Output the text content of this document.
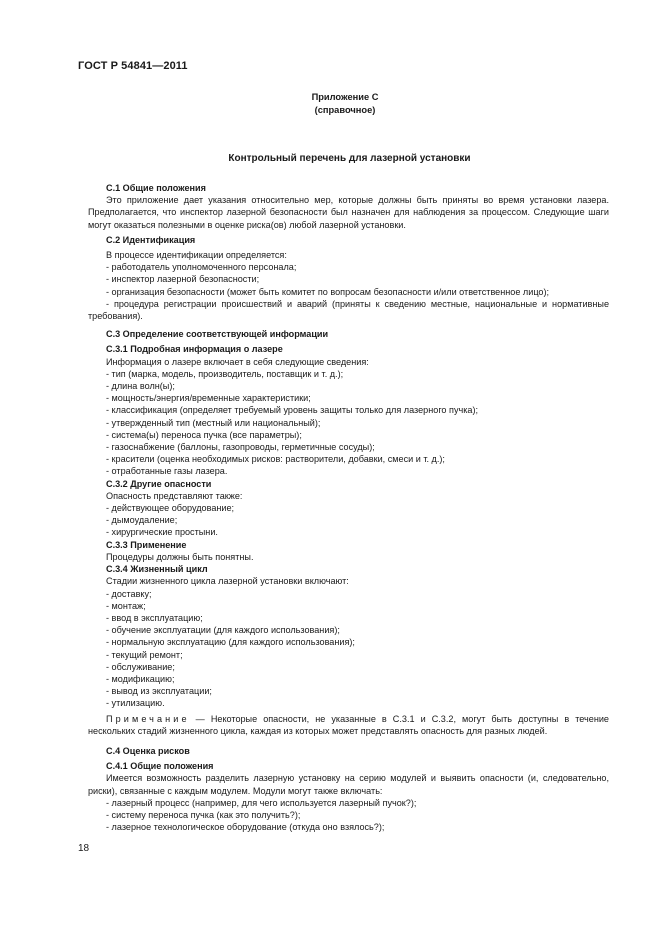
ГОСТ Р 54841—2011
Приложение С
(справочное)
Контрольный перечень для лазерной установки

С.1 Общие положения

Это приложение дает указания относительно мер, которые должны быть приняты во время установки лазера. Предполагается, что инспектор лазерной безопасности был назначен для наблюдения за процессом. Следующие шаги могут оказаться полезными в оценке риска(ов) любой лазерной установки.

С.2 Идентификация

В процессе идентификации определяется:

- работодатель уполномоченного персонала;

- инспектор лазерной безопасности;

- организация безопасности (может быть комитет по вопросам безопасности и/или ответственное лицо);

- процедура регистрации происшествий и аварий (приняты к сведению местные, национальные и нормативные требования).

С.3 Определение соответствующей информации

С.3.1 Подробная информация о лазере

Информация о лазере включает в себя следующие сведения:

- тип (марка, модель, производитель, поставщик и т. д.);

- длина волн(ы);

- мощность/энергия/временные характеристики;

- классификация (определяет требуемый уровень защиты только для лазерного пучка);

- утвержденный тип (местный или национальный);

- система(ы) переноса пучка (все параметры);

- газоснабжение (баллоны, газопроводы, герметичные сосуды);

- красители (оценка необходимых рисков: растворители, добавки, смеси и т. д.);

- отработанные газы лазера.

С.3.2 Другие опасности

Опасность представляют также:

- действующее оборудование;

- дымоудаление;

- хирургические простыни.

С.3.3 Применение

Процедуры должны быть понятны.

С.3.4 Жизненный цикл

Стадии жизненного цикла лазерной установки включают:

- доставку;

- монтаж;

- ввод в эксплуатацию;

- обучение эксплуатации (для каждого использования);

- нормальную эксплуатацию (для каждого использования);

- текущий ремонт;

- обслуживание;

- модификацию;

- вывод из эксплуатации;

- утилизацию.

Примечание — Некоторые опасности, не указанные в С.3.1 и С.3.2, могут быть доступны в течение нескольких стадий жизненного цикла, каждая из которых может представлять опасность для разных людей.

С.4 Оценка рисков

С.4.1 Общие положения

Имеется возможность разделить лазерную установку на серию модулей и выявить опасности (и, следовательно, риски), связанные с каждым модулем. Модули могут также включать:

- лазерный процесс (например, для чего используется лазерный пучок?);

- систему переноса пучка (как это получить?);

- лазерное технологическое оборудование (откуда оно взялось?);

18
